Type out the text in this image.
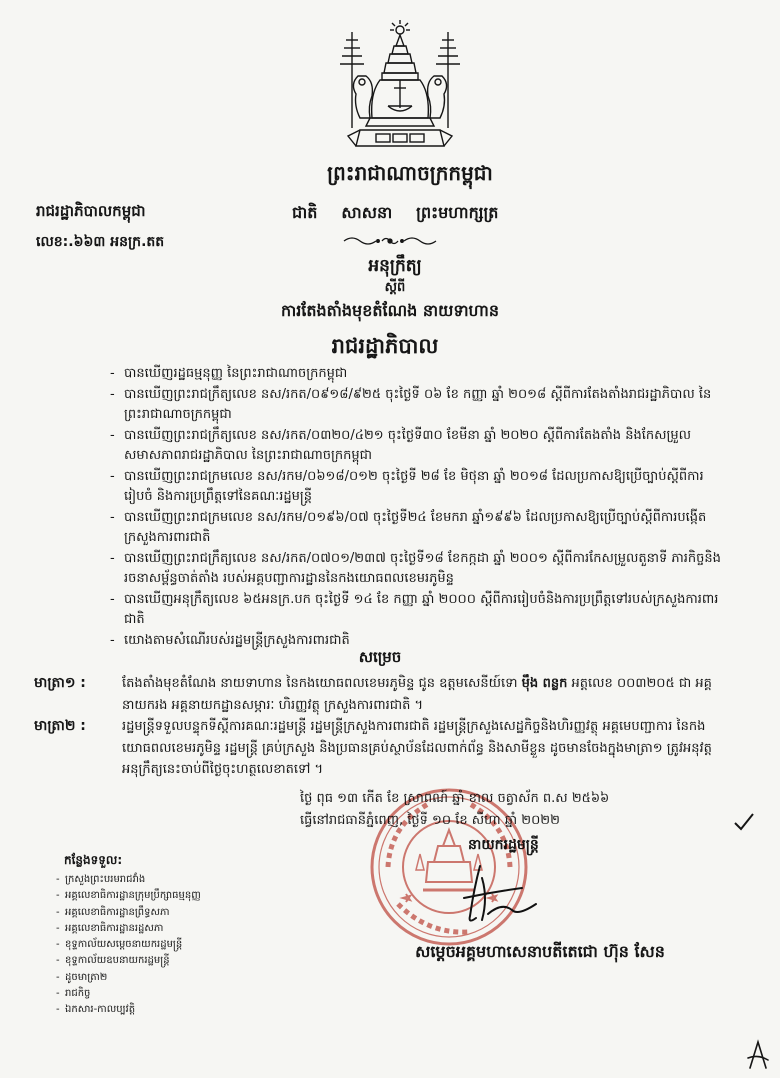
ព្រះរាជាណាចក្រកម្ពុជា
រាជរដ្ឋាភិបាលកម្ពុជា	ជាតិ សាសនា ព្រះមហាក្សត្រ
លេខ:.៦៦៣ អនក្រ.តត
អនុក្រឹត្យ
ស្តីពី
ការតែងតាំងមុខតំណែង នាយទាហាន
រាជរដ្ឋាភិបាល
- បានឃើញរដ្ឋធម្មនុញ្ញ នៃព្រះរាជាណាចក្រកម្ពុជា
- បានឃើញព្រះរាជក្រឹត្យលេខ នស/រកត/០៩១៨/៩២៥ ចុះថ្ងៃទី ០៦ ខែ កញ្ញា ឆ្នាំ ២០១៨ ស្តីពីការតែងតាំងរាជរដ្ឋាភិបាល នៃព្រះរាជាណាចក្រកម្ពុជា
- បានឃើញព្រះរាជក្រឹត្យលេខ នស/រកត/០៣២០/៤២១ ចុះថ្ងៃទី៣០ ខែមីនា ឆ្នាំ ២០២០ ស្តីពីការតែងតាំង និងកែសម្រួលសមាសភាពរាជរដ្ឋាភិបាល នៃព្រះរាជាណាចក្រកម្ពុជា
- បានឃើញព្រះរាជក្រមលេខ នស/រកម/០៦១៨/០១២ ចុះថ្ងៃទី ២៨ ខែ មិថុនា ឆ្នាំ ២០១៨ ដែលប្រកាសឱ្យប្រើច្បាប់ស្តីពីការរៀបចំ និងការប្រព្រឹត្តទៅនៃគណៈរដ្ឋមន្ត្រី
- បានឃើញព្រះរាជក្រមលេខ នស/រកម/០១៩៦/០៧ ចុះថ្ងៃទី២៤ ខែមករា ឆ្នាំ១៩៩៦ ដែលប្រកាសឱ្យប្រើច្បាប់ស្តីពីការបង្កើតក្រសួងការពារជាតិ
- បានឃើញព្រះរាជក្រឹត្យលេខ នស/រកត/០៧០១/២៣៧ ចុះថ្ងៃទី១៨ ខែកក្កដា ឆ្នាំ ២០០១ ស្តីពីការកែសម្រួលតួនាទី ភារកិច្ចនិងរចនាសម្ព័ន្ធចាត់តាំង របស់អគ្គបញ្ជាការដ្ឋាននៃកងយោធពលខេមរភូមិន្ទ
- បានឃើញអនុក្រឹត្យលេខ ៦៥អនក្រ.បក ចុះថ្ងៃទី ១៤ ខែ កញ្ញា ឆ្នាំ ២០០០ ស្តីពីការរៀបចំនិងការប្រព្រឹត្តទៅរបស់ក្រសួងការពារជាតិ
- យោងតាមសំណើរបស់រដ្ឋមន្ត្រីក្រសួងការពារជាតិ
សម្រេច
មាត្រា១ :	តែងតាំងមុខតំណែង នាយទាហាន នៃកងយោធពលខេមរភូមិន្ទ ជូន ឧត្តមសេនីយ៍ទោ ម៉ឹង ពន្លក អត្តលេខ ០០៣២០៥ ជា អគ្គនាយករង អគ្គនាយកដ្ឋានសម្ភារៈ ហិរញ្ញវត្ថុ ក្រសួងការពារជាតិ ។
មាត្រា២ :	រដ្ឋមន្ត្រីទទួលបន្ទុកទីស្តីការគណៈរដ្ឋមន្ត្រី រដ្ឋមន្ត្រីក្រសួងការពារជាតិ រដ្ឋមន្ត្រីក្រសួងសេដ្ឋកិច្ចនិងហិរញ្ញវត្ថុ អគ្គមេបញ្ជាការ នៃកងយោធពលខេមរភូមិន្ទ រដ្ឋមន្ត្រី គ្រប់ក្រសួង និងប្រធានគ្រប់ស្ថាប័នដែលពាក់ព័ន្ធ និងសាមីខ្លួន ដូចមានចែងក្នុងមាត្រា១ ត្រូវអនុវត្តអនុក្រឹត្យនេះចាប់ពីថ្ងៃចុះហត្ថលេខាតទៅ ។
ថ្ងៃ ពុធ ១៣ កើត ខែ ស្រាពណ៍ ឆ្នាំ ខាល ចត្វាស័ក ព.ស ២៥៦៦
ធ្វើនៅរាជធានីភ្នំពេញ, ថ្ងៃទី ១០ ខែ សីហា ឆ្នាំ ២០២២
នាយករដ្ឋមន្ត្រី
កន្លែងទទួល:
- ក្រសួងព្រះបរមរាជវាំង
- អគ្គលេខាធិការដ្ឋានក្រុមប្រឹក្សាធម្មនុញ្ញ
- អគ្គលេខាធិការដ្ឋានព្រឹទ្ធសភា
- អគ្គលេខាធិការដ្ឋានរដ្ឋសភា
- ខុទ្ទកាល័យសម្តេចនាយករដ្ឋមន្ត្រី
- ខុទ្ទកាល័យឧបនាយករដ្ឋមន្ត្រី
- ដូចមាត្រា២
- រាជកិច្ច
- ឯកសារ-កាលប្បវត្តិ
សម្តេចអគ្គមហាសេនាបតីតេជោ ហ៊ុន សែន
